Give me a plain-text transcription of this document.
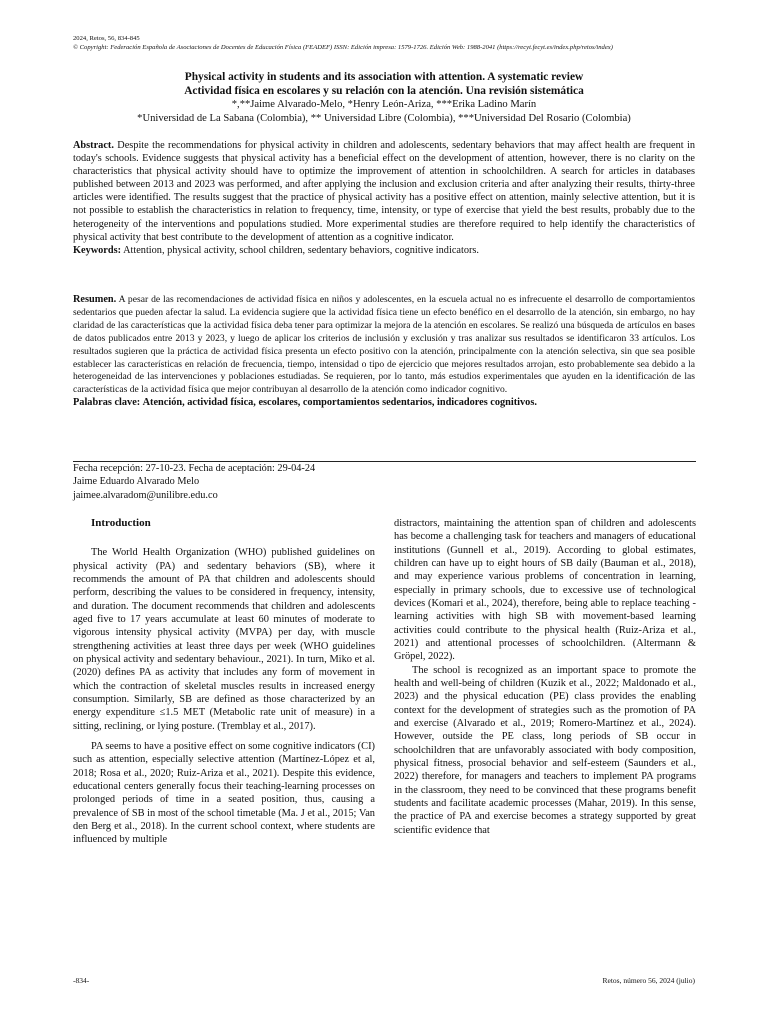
2024, Retos, 56, 834-845
© Copyright: Federación Española de Asociaciones de Docentes de Educación Física (FEADEF) ISSN: Edición impresa: 1579-1726. Edición Web: 1988-2041 (https://recyt.fecyt.es/index.php/retos/index)
Physical activity in students and its association with attention. A systematic review
Actividad física en escolares y su relación con la atención. Una revisión sistemática
*,**Jaime Alvarado-Melo, *Henry León-Ariza, ***Erika Ladino Marín
*Universidad de La Sabana (Colombia), ** Universidad Libre (Colombia), ***Universidad Del Rosario (Colombia)
Abstract. Despite the recommendations for physical activity in children and adolescents, sedentary behaviors that may affect health are frequent in today's schools. Evidence suggests that physical activity has a beneficial effect on the development of attention, however, there is no clarity on the characteristics that physical activity should have to optimize the improvement of attention in schoolchildren. A search for articles in databases published between 2013 and 2023 was performed, and after applying the inclusion and exclusion criteria and after analyzing their results, thirty-three articles were identified. The results suggest that the practice of physical activity has a positive effect on attention, mainly selective attention, but it is not possible to establish the characteristics in relation to frequency, time, intensity, or type of exercise that yield the best results, probably due to the heterogeneity of the interventions and populations studied. More experimental studies are therefore required to help identify the characteristics of physical activity that best contribute to the development of attention as a cognitive indicator.
Keywords: Attention, physical activity, school children, sedentary behaviors, cognitive indicators.
Resumen. A pesar de las recomendaciones de actividad física en niños y adolescentes, en la escuela actual no es infrecuente el desarrollo de comportamientos sedentarios que pueden afectar la salud. La evidencia sugiere que la actividad física tiene un efecto benéfico en el desarrollo de la atención, sin embargo, no hay claridad de las características que la actividad física deba tener para optimizar la mejora de la atención en escolares. Se realizó una búsqueda de artículos en bases de datos publicados entre 2013 y 2023, y luego de aplicar los criterios de inclusión y exclusión y tras analizar sus resultados se identificaron 33 artículos. Los resultados sugieren que la práctica de actividad física presenta un efecto positivo con la atención, principalmente con la atención selectiva, sin que sea posible establecer las características en relación de frecuencia, tiempo, intensidad o tipo de ejercicio que mejores resultados arrojan, esto probablemente sea debido a la heterogeneidad de las intervenciones y poblaciones estudiadas. Se requieren, por lo tanto, más estudios experimentales que ayuden en la identificación de las características de la actividad física que mejor contribuyan al desarrollo de la atención como indicador cognitivo.
Palabras clave: Atención, actividad física, escolares, comportamientos sedentarios, indicadores cognitivos.
Fecha recepción: 27-10-23. Fecha de aceptación: 29-04-24
Jaime Eduardo Alvarado Melo
jaimee.alvaradom@unilibre.edu.co

Introduction

The World Health Organization (WHO) published guidelines on physical activity (PA) and sedentary behaviors (SB), where it recommends the amount of PA that children and adolescents should perform, describing the values to be considered in frequency, intensity, and duration. The document recommends that children and adolescents aged five to 17 years accumulate at least 60 minutes of moderate to vigorous intensity physical activity (MVPA) per day, with muscle strengthening activities at least three days per week (WHO guidelines on physical activity and sedentary behaviour., 2021). In turn, Miko et al. (2020) defines PA as activity that includes any form of movement in which the contraction of skeletal muscles results in increased energy consumption. Similarly, SB are defined as those characterized by an energy expenditure ≤1.5 MET (Metabolic rate unit of measure) in a sitting, reclining, or lying posture. (Tremblay et al., 2017).

PA seems to have a positive effect on some cognitive indicators (CI) such as attention, especially selective attention (Martínez-López et al, 2018; Rosa et al., 2020; Ruiz-Ariza et al., 2021). Despite this evidence, educational centers generally focus their teaching-learning processes on prolonged periods of time in a seated position, thus, causing a prevalence of SB in most of the school timetable (Ma. J et al., 2015; Van den Berg et al., 2018). In the current school context, where students are influenced by multiple

distractors, maintaining the attention span of children and adolescents has become a challenging task for teachers and managers of educational institutions (Gunnell et al., 2019). According to global estimates, children can have up to eight hours of SB daily (Bauman et al., 2018), and may experience various problems of concentration in learning, especially in primary schools, due to excessive use of technological devices (Komari et al., 2024), therefore, being able to replace teaching - learning activities with high SB with movement-based learning activities could contribute to the physical health (Ruiz-Ariza et al., 2021) and attentional processes of schoolchildren. (Altermann & Gröpel, 2022).

The school is recognized as an important space to promote the health and well-being of children (Kuzik et al., 2022; Maldonado et al., 2023) and the physical education (PE) class provides the enabling context for the development of strategies such as the promotion of PA and exercise (Alvarado et al., 2019; Romero-Martínez et al., 2024). However, outside the PE class, long periods of SB occur in schoolchildren that are unfavorably associated with body composition, physical fitness, prosocial behavior and self-esteem (Saunders et al., 2022) therefore, for managers and teachers to implement PA programs in the classroom, they need to be convinced that these programs benefit students and facilitate academic processes (Mahar, 2019). In this sense, the practice of PA and exercise becomes a strategy supported by great scientific evidence that

-834-	Retos, número 56, 2024 (julio)
